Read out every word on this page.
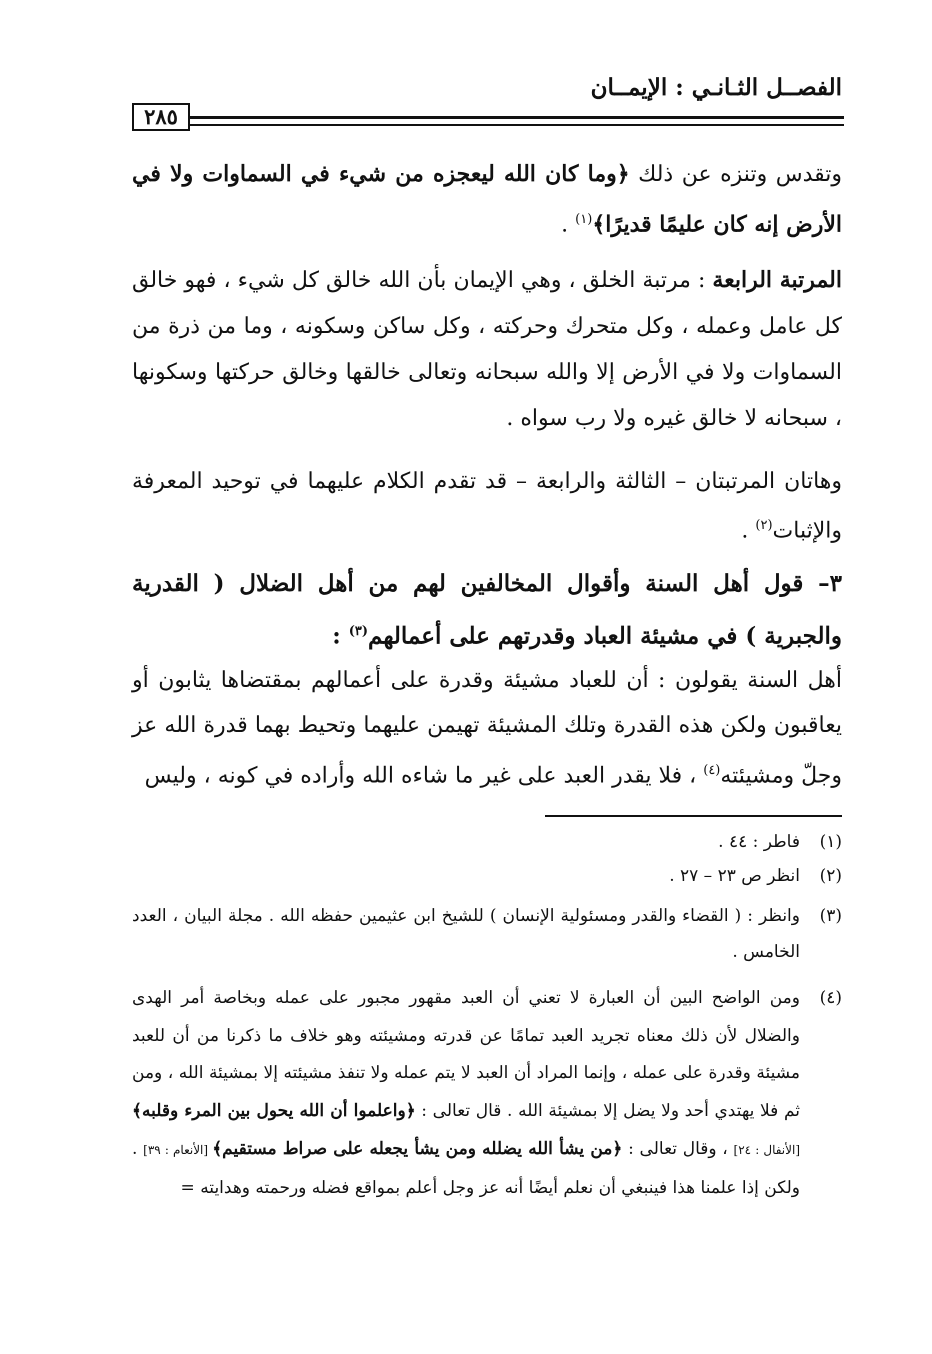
الفصــل الثـانـي : الإيمــان
٢٨٥

وتقدس وتنزه عن ذلك ﴿وما كان الله ليعجزه من شيء في السماوات ولا في الأرض إنه كان عليمًا قديرًا﴾$^{(١)}$ .

المرتبة الرابعة : مرتبة الخلق ، وهي الإيمان بأن الله خالق كل شيء ، فهو خالق كل عامل وعمله ، وكل متحرك وحركته ، وكل ساكن وسكونه ، وما من ذرة من السماوات ولا في الأرض إلا والله سبحانه وتعالى خالقها وخالق حركتها وسكونها ، سبحانه لا خالق غيره ولا رب سواه .

وهاتان المرتبتان – الثالثة والرابعة – قد تقدم الكلام عليهما في توحيد المعرفة والإثبات$^{(٢)}$ .

٣– قول أهل السنة وأقوال المخالفين لهم من أهل الضلال ( القدرية والجبرية ) في مشيئة العباد وقدرتهم على أعمالهم$^{(٣)}$ :

أهل السنة يقولون : أن للعباد مشيئة وقدرة على أعمالهم بمقتضاها يثابون أو يعاقبون ولكن هذه القدرة وتلك المشيئة تهيمن عليهما وتحيط بهما قدرة الله عز وجلّ ومشيئته$^{(٤)}$ ، فلا يقدر العبد على غير ما شاءه الله وأراده في كونه ، وليس

(١)
فاطر : ٤٤ .
(٢)
انظر ص ٢٣ – ٢٧ .
(٣)
وانظر : ( القضاء والقدر ومسئولية الإنسان ) للشيخ ابن عثيمين حفظه الله . مجلة البيان ، العدد الخامس .
(٤)
ومن الواضح البين أن العبارة لا تعني أن العبد مقهور مجبور على عمله وبخاصة أمر الهدى والضلال لأن ذلك معناه تجريد العبد تمامًا عن قدرته ومشيئته وهو خلاف ما ذكرنا من أن للعبد مشيئة وقدرة على عمله ، وإنما المراد أن العبد لا يتم عمله ولا تنفذ مشيئته إلا بمشيئة الله ، ومن ثم فلا يهتدي أحد ولا يضل إلا بمشيئة الله . قال تعالى : ﴿واعلموا أن الله يحول بين المرء وقلبه﴾ [الأنفال : ٢٤] ، وقال تعالى : ﴿من يشأ الله يضلله ومن يشأ يجعله على صراط مستقيم﴾ [الأنعام : ٣٩] . ولكن إذا علمنا هذا فينبغي أن نعلم أيضًا أنه عز وجل أعلم بمواقع فضله ورحمته وهدايته =
